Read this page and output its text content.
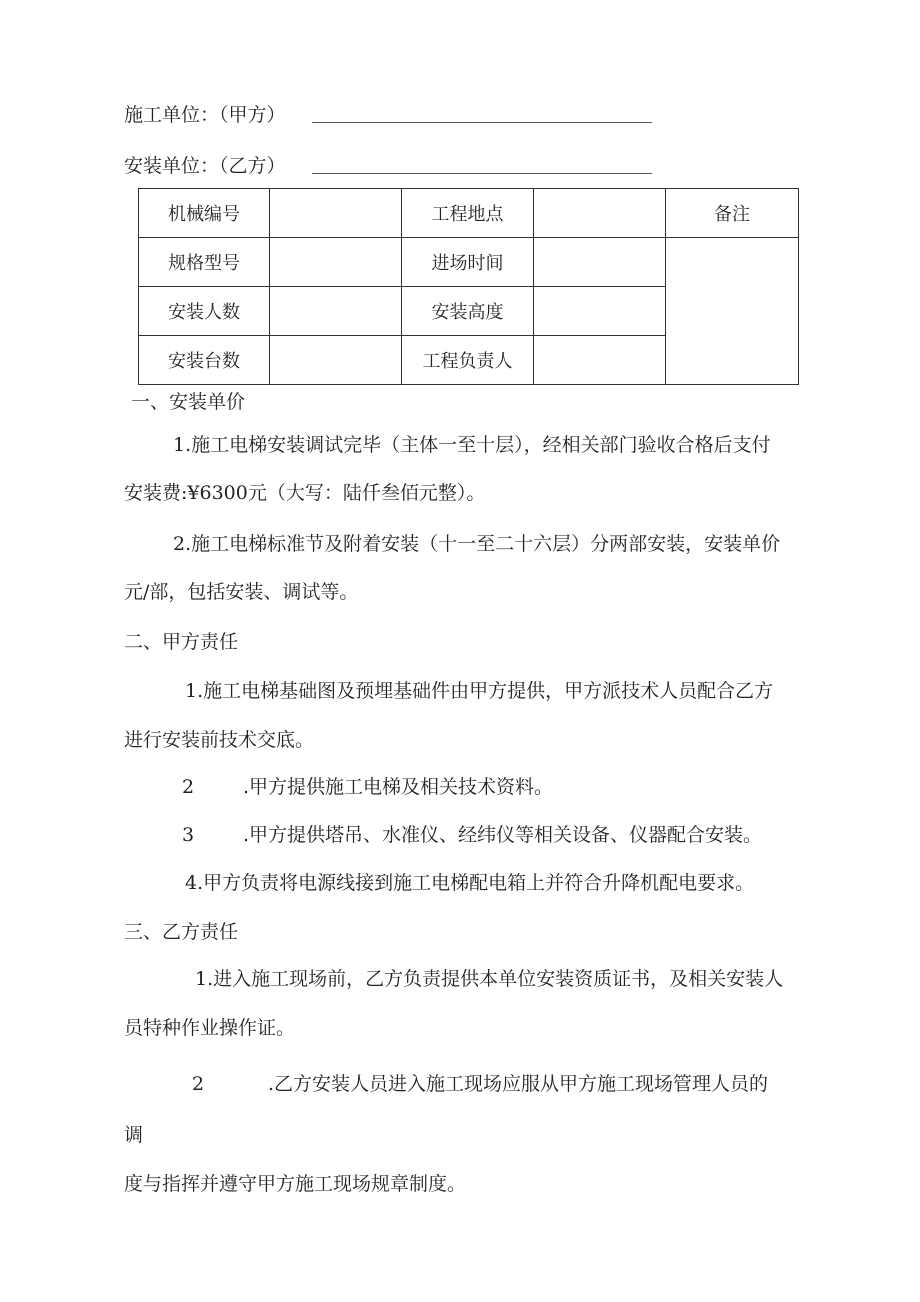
施工单位：（甲方）
安装单位：（乙方）
机械编号		工程地点		备注
规格型号		进场时间		
安装人数		安装高度		
安装台数		工程负责人		
一、安装单价
1.施工电梯安装调试完毕（主体一至十层），经相关部门验收合格后支付
安装费:¥6300元（大写：陆仟叁佰元整）。
2.施工电梯标准节及附着安装（十一至二十六层）分两部安装，安装单价
元/部，包括安装、调试等。
二、甲方责任
1.施工电梯基础图及预埋基础件由甲方提供，甲方派技术人员配合乙方
进行安装前技术交底。
2	.甲方提供施工电梯及相关技术资料。
3	.甲方提供塔吊、水准仪、经纬仪等相关设备、仪器配合安装。
4.甲方负责将电源线接到施工电梯配电箱上并符合升降机配电要求。
三、乙方责任
1.进入施工现场前，乙方负责提供本单位安装资质证书，及相关安装人
员特种作业操作证。
2	.乙方安装人员进入施工现场应服从甲方施工现场管理人员的
调
度与指挥并遵守甲方施工现场规章制度。
